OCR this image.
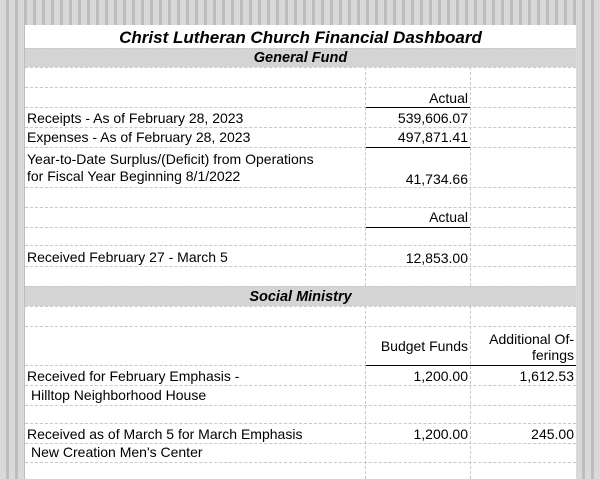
Christ Lutheran Church Financial Dashboard
General Fund
Actual
Receipts - As of February 28, 2023	539,606.07
Expenses - As of February 28, 2023	497,871.41
Year-to-Date Surplus/(Deficit) from Operations
for Fiscal Year Beginning 8/1/2022	41,734.66
Actual
Received February 27 - March 5	12,853.00
Social Ministry
Budget Funds	Additional Of-
ferings
Received for February Emphasis -
Hilltop Neighborhood House
1,200.00	1,612.53
Received as of March 5 for March Emphasis
New Creation Men's Center
1,200.00	245.00
